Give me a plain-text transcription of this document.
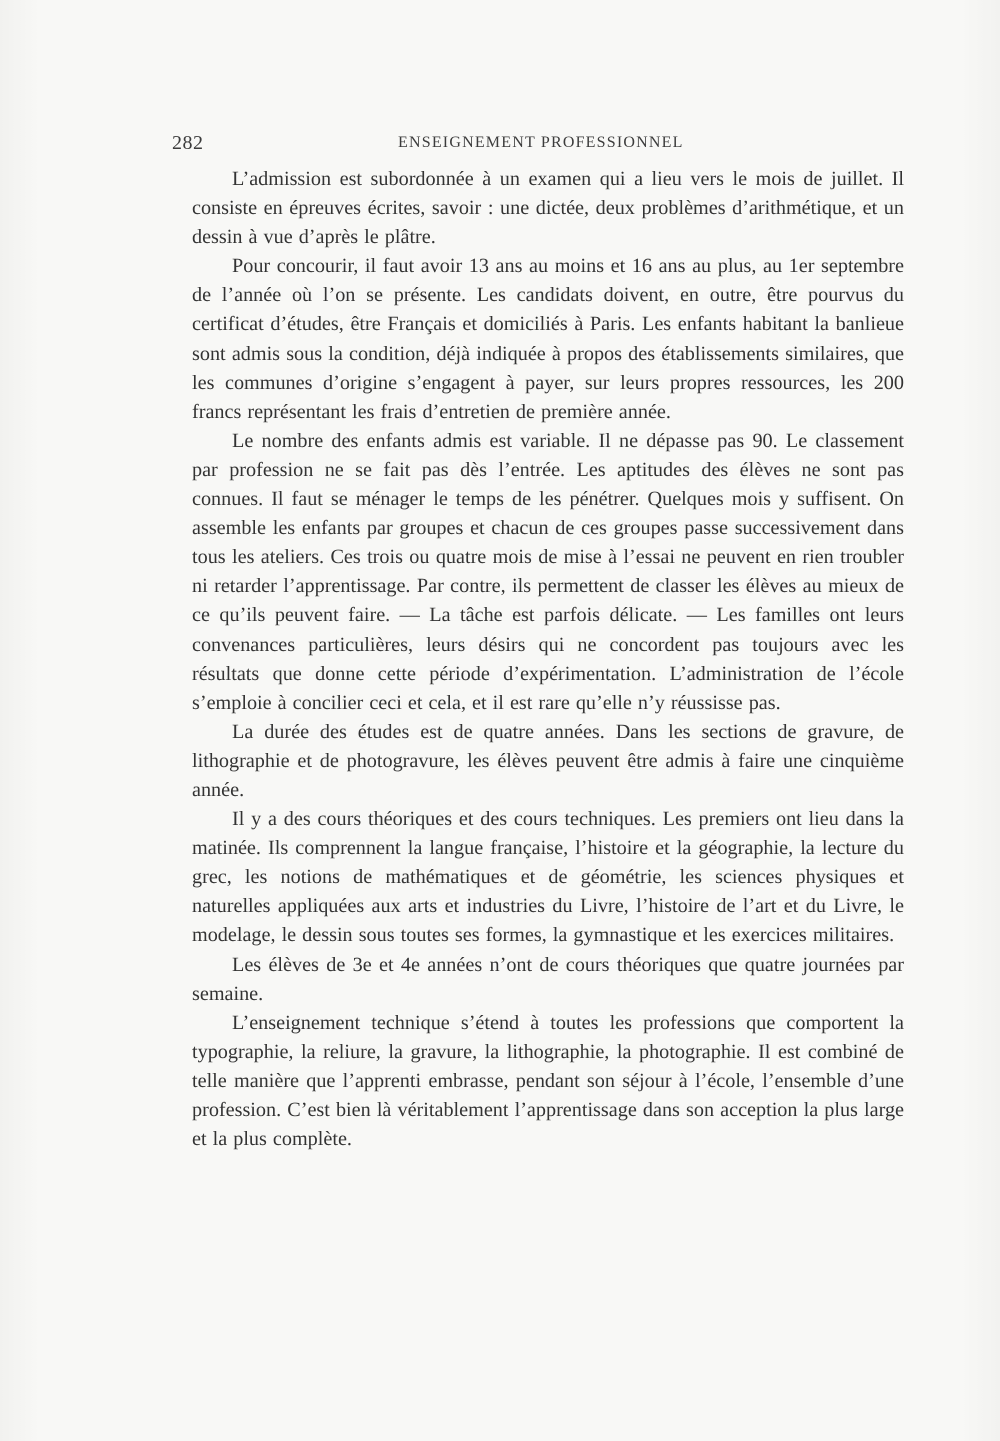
282	ENSEIGNEMENT PROFESSIONNEL

L’admission est subordonnée à un examen qui a lieu vers le mois de juillet. Il consiste en épreuves écrites, savoir : une dictée, deux problèmes d’arithmétique, et un dessin à vue d’après le plâtre.

Pour concourir, il faut avoir 13 ans au moins et 16 ans au plus, au 1er septembre de l’année où l’on se présente. Les candidats doivent, en outre, être pourvus du certificat d’études, être Français et domiciliés à Paris. Les enfants habitant la banlieue sont admis sous la condition, déjà indiquée à propos des établissements similaires, que les communes d’origine s’engagent à payer, sur leurs propres ressources, les 200 francs représentant les frais d’entretien de première année.

Le nombre des enfants admis est variable. Il ne dépasse pas 90. Le classement par profession ne se fait pas dès l’entrée. Les aptitudes des élèves ne sont pas connues. Il faut se ménager le temps de les pénétrer. Quelques mois y suffisent. On assemble les enfants par groupes et chacun de ces groupes passe successivement dans tous les ateliers. Ces trois ou quatre mois de mise à l’essai ne peuvent en rien troubler ni retarder l’apprentissage. Par contre, ils permettent de classer les élèves au mieux de ce qu’ils peuvent faire. — La tâche est parfois délicate. — Les familles ont leurs convenances particulières, leurs désirs qui ne concordent pas toujours avec les résultats que donne cette période d’expérimentation. L’administration de l’école s’emploie à concilier ceci et cela, et il est rare qu’elle n’y réussisse pas.

La durée des études est de quatre années. Dans les sections de gravure, de lithographie et de photogravure, les élèves peuvent être admis à faire une cinquième année.

Il y a des cours théoriques et des cours techniques. Les premiers ont lieu dans la matinée. Ils comprennent la langue française, l’histoire et la géographie, la lecture du grec, les notions de mathématiques et de géométrie, les sciences physiques et naturelles appliquées aux arts et industries du Livre, l’histoire de l’art et du Livre, le modelage, le dessin sous toutes ses formes, la gymnastique et les exercices militaires.

Les élèves de 3e et 4e années n’ont de cours théoriques que quatre journées par semaine.

L’enseignement technique s’étend à toutes les professions que comportent la typographie, la reliure, la gravure, la lithographie, la photographie. Il est combiné de telle manière que l’apprenti embrasse, pendant son séjour à l’école, l’ensemble d’une profession. C’est bien là véritablement l’apprentissage dans son acception la plus large et la plus complète.
